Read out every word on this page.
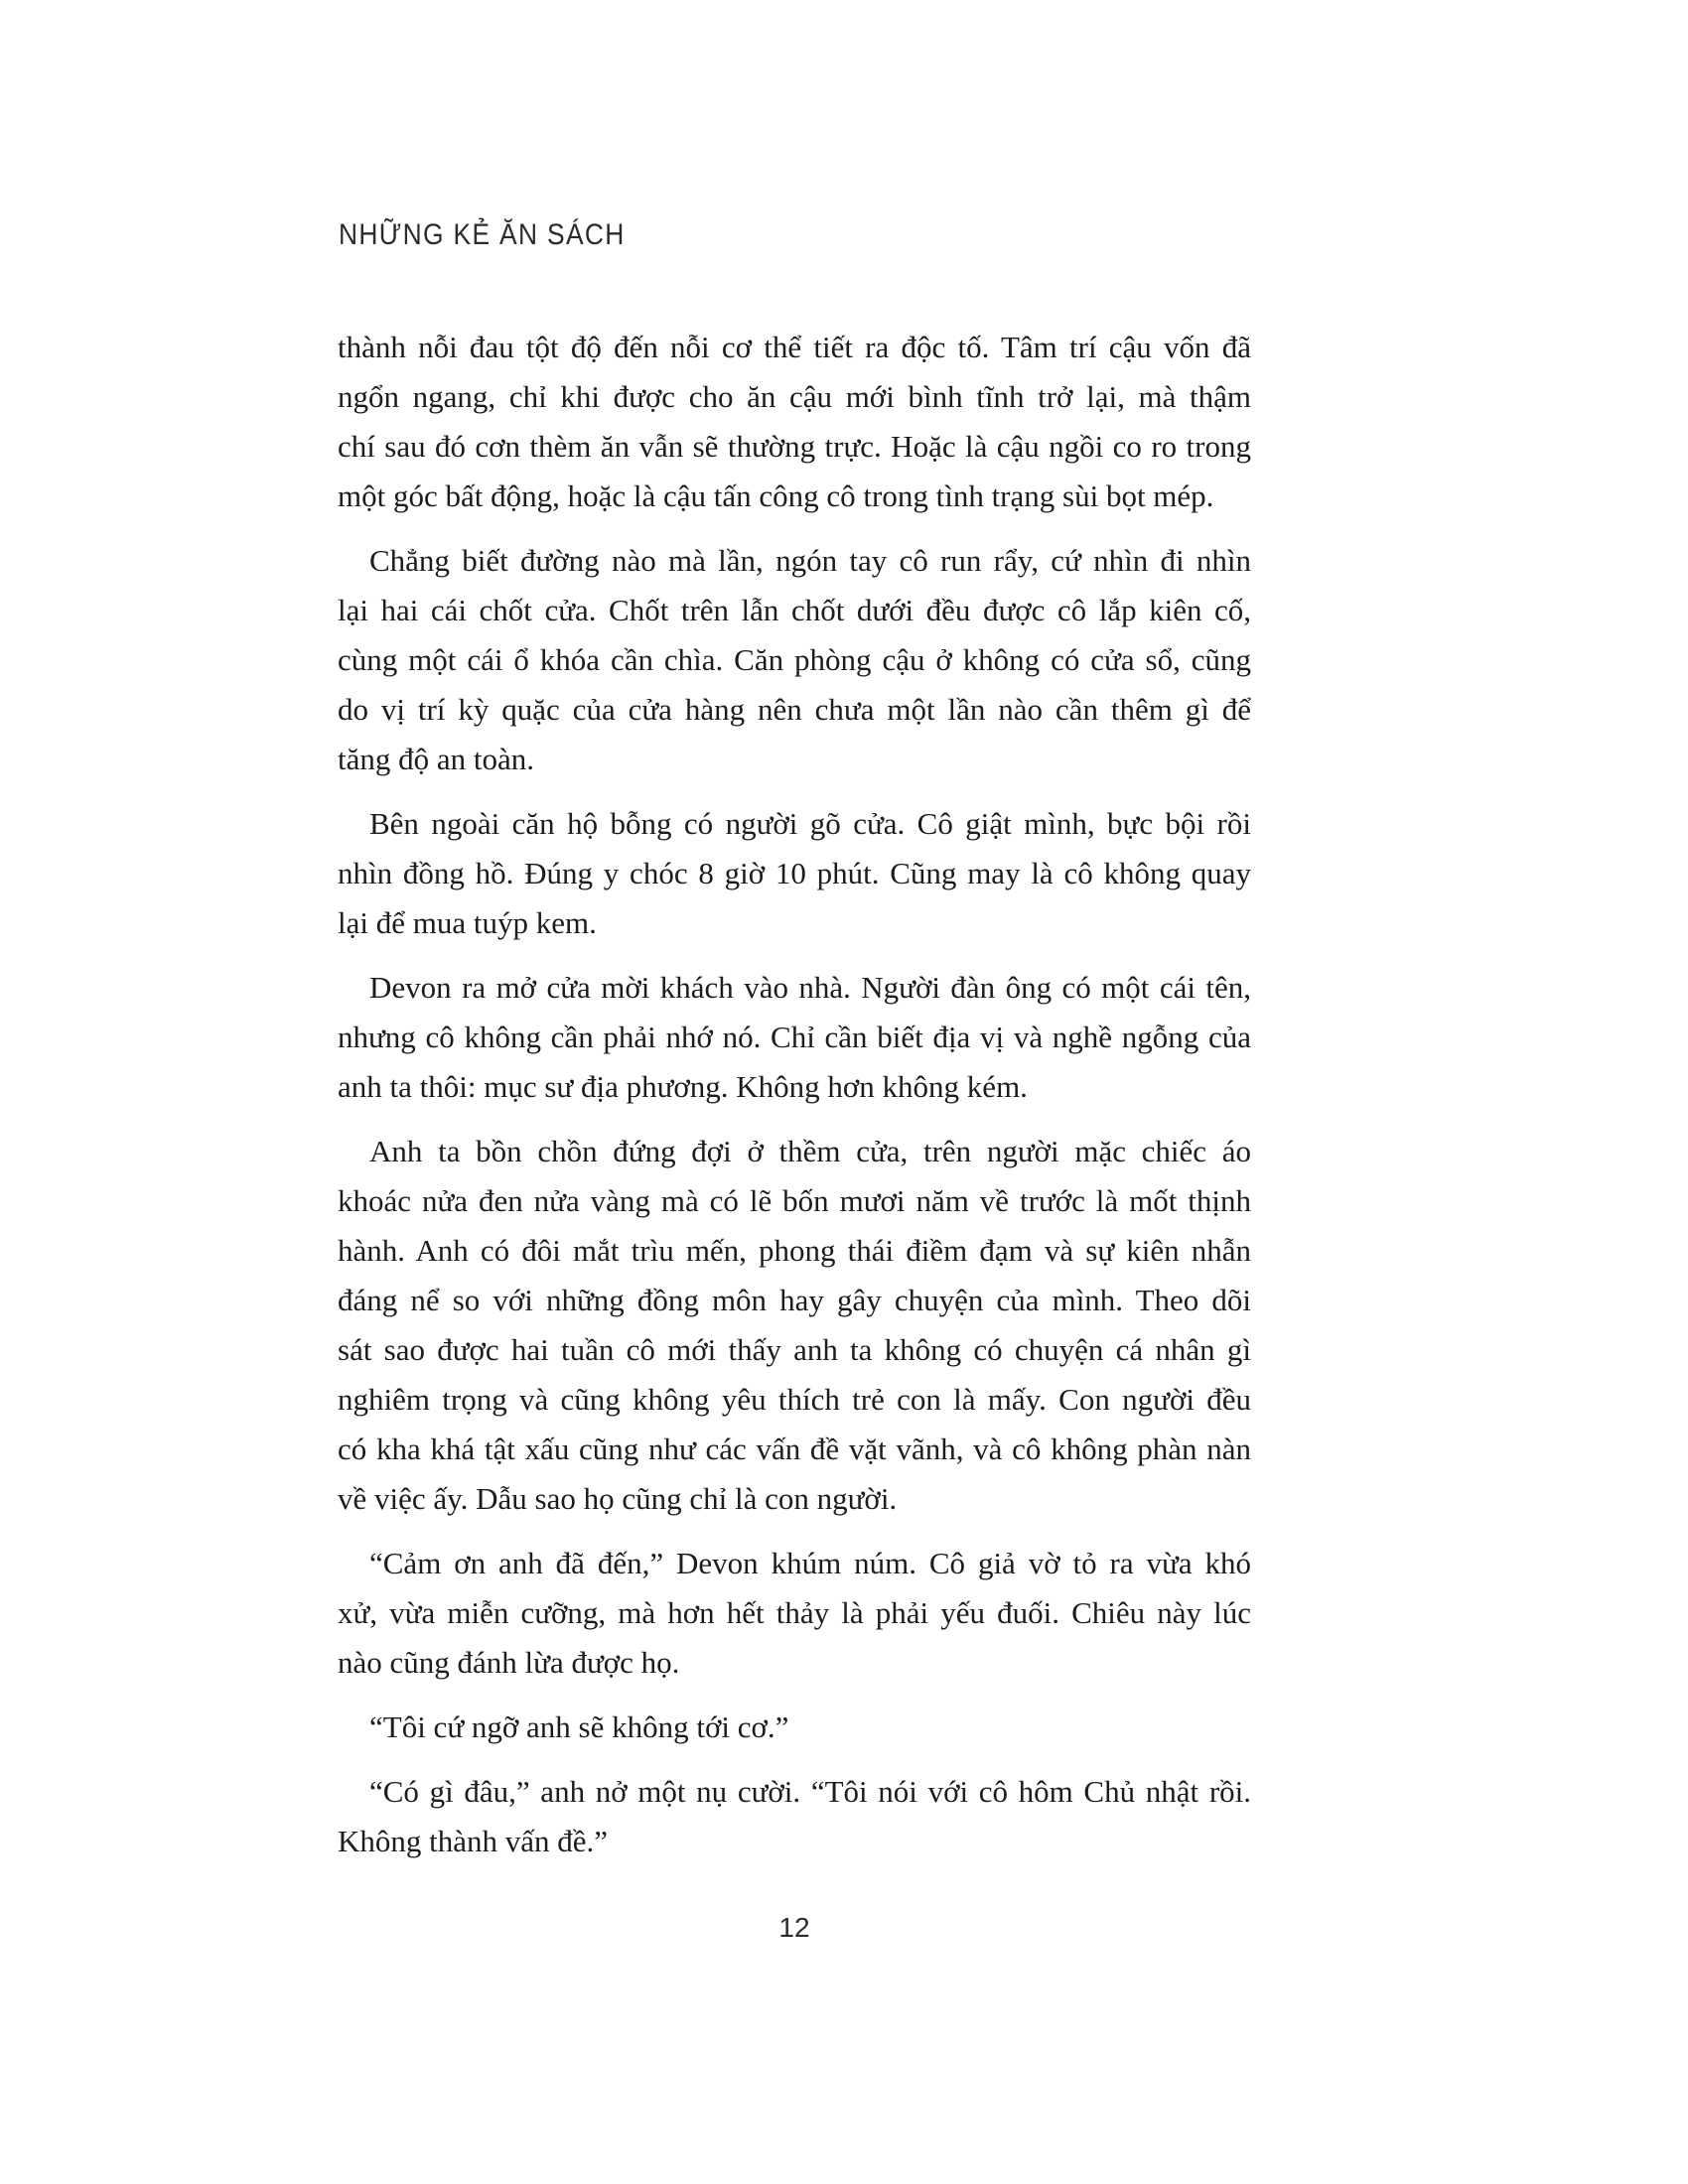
NHỮNG KẺ ĂN SÁCH

thành nỗi đau tột độ đến nỗi cơ thể tiết ra độc tố. Tâm trí cậu vốn đã
ngổn ngang, chỉ khi được cho ăn cậu mới bình tĩnh trở lại, mà thậm
chí sau đó cơn thèm ăn vẫn sẽ thường trực. Hoặc là cậu ngồi co ro trong
một góc bất động, hoặc là cậu tấn công cô trong tình trạng sùi bọt mép.

Chẳng biết đường nào mà lần, ngón tay cô run rẩy, cứ nhìn đi nhìn
lại hai cái chốt cửa. Chốt trên lẫn chốt dưới đều được cô lắp kiên cố,
cùng một cái ổ khóa cần chìa. Căn phòng cậu ở không có cửa sổ, cũng
do vị trí kỳ quặc của cửa hàng nên chưa một lần nào cần thêm gì để
tăng độ an toàn.

Bên ngoài căn hộ bỗng có người gõ cửa. Cô giật mình, bực bội rồi
nhìn đồng hồ. Đúng y chóc 8 giờ 10 phút. Cũng may là cô không quay
lại để mua tuýp kem.

Devon ra mở cửa mời khách vào nhà. Người đàn ông có một cái tên,
nhưng cô không cần phải nhớ nó. Chỉ cần biết địa vị và nghề ngỗng của
anh ta thôi: mục sư địa phương. Không hơn không kém.

Anh ta bồn chồn đứng đợi ở thềm cửa, trên người mặc chiếc áo
khoác nửa đen nửa vàng mà có lẽ bốn mươi năm về trước là mốt thịnh
hành. Anh có đôi mắt trìu mến, phong thái điềm đạm và sự kiên nhẫn
đáng nể so với những đồng môn hay gây chuyện của mình. Theo dõi
sát sao được hai tuần cô mới thấy anh ta không có chuyện cá nhân gì
nghiêm trọng và cũng không yêu thích trẻ con là mấy. Con người đều
có kha khá tật xấu cũng như các vấn đề vặt vãnh, và cô không phàn nàn
về việc ấy. Dẫu sao họ cũng chỉ là con người.

“Cảm ơn anh đã đến,” Devon khúm núm. Cô giả vờ tỏ ra vừa khó
xử, vừa miễn cưỡng, mà hơn hết thảy là phải yếu đuối. Chiêu này lúc
nào cũng đánh lừa được họ.

“Tôi cứ ngỡ anh sẽ không tới cơ.”

“Có gì đâu,” anh nở một nụ cười. “Tôi nói với cô hôm Chủ nhật rồi.
Không thành vấn đề.”

12
